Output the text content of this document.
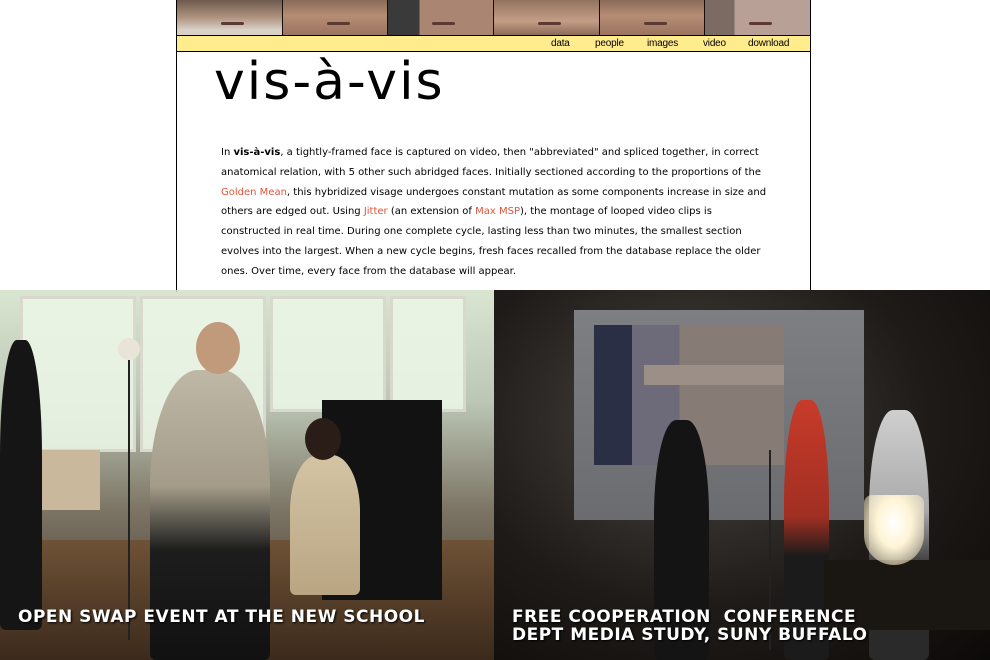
data	people images video download
vis-à-vis

In vis-à-vis, a tightly-framed face is captured on video, then "abbreviated" and spliced together, in correct anatomical relation, with 5 other such abridged faces. Initially sectioned according to the proportions of the Golden Mean, this hybridized visage undergoes constant mutation as some components increase in size and others are edged out. Using Jitter (an extension of Max MSP), the montage of looped video clips is constructed in real time. During one complete cycle, lasting less than two minutes, the smallest section evolves into the largest. When a new cycle begins, fresh faces recalled from the database replace the older ones. Over time, every face from the database will appear.

OPEN SWAP EVENT AT THE NEW SCHOOL	FREE COOPERATION  CONFERENCE
DEPT MEDIA STUDY, SUNY BUFFALO
